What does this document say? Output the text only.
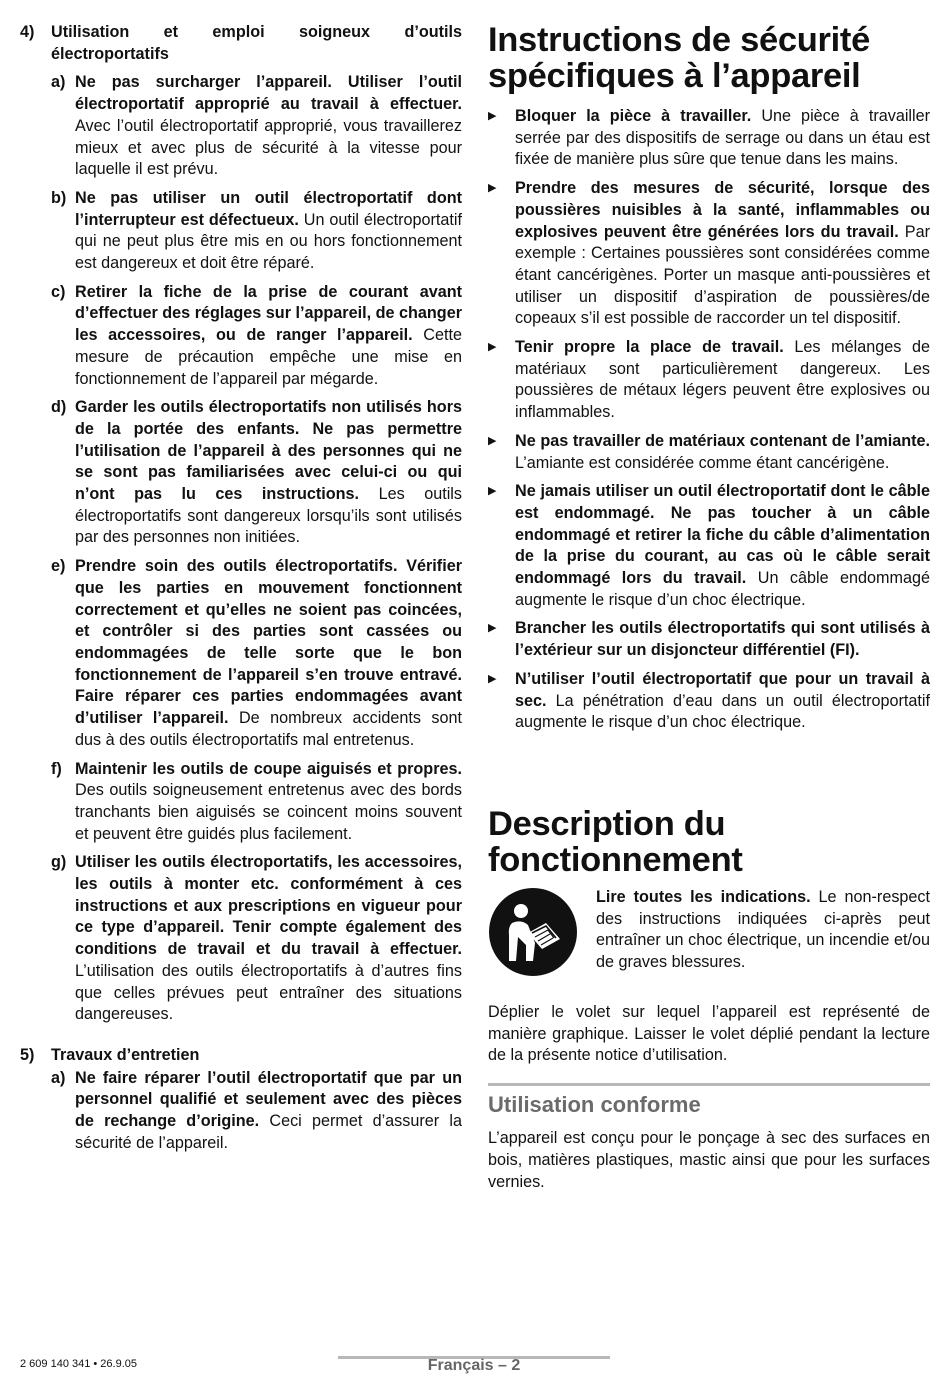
4)	Utilisation et emploi soigneux d’outils électroportatifs
a) Ne pas surcharger l’appareil. Utiliser l’outil électroportatif approprié au travail à effectuer. Avec l’outil électroportatif approprié, vous travaillerez mieux et avec plus de sécurité à la vitesse pour laquelle il est prévu.

b) Ne pas utiliser un outil électroportatif dont l’interrupteur est défectueux. Un outil électroportatif qui ne peut plus être mis en ou hors fonctionnement est dangereux et doit être réparé.

c) Retirer la fiche de la prise de courant avant d’effectuer des réglages sur l’appareil, de changer les accessoires, ou de ranger l’appareil. Cette mesure de précaution empêche une mise en fonctionnement de l’appareil par mégarde.

d) Garder les outils électroportatifs non utilisés hors de la portée des enfants. Ne pas permettre l’utilisation de l’appareil à des personnes qui ne se sont pas familiarisées avec celui-ci ou qui n’ont pas lu ces instructions. Les outils électroportatifs sont dangereux lorsqu’ils sont utilisés par des personnes non initiées.

e) Prendre soin des outils électroportatifs. Vérifier que les parties en mouvement fonctionnent correctement et qu’elles ne soient pas coincées, et contrôler si des parties sont cassées ou endommagées de telle sorte que le bon fonctionnement de l’appareil s’en trouve entravé. Faire réparer ces parties endommagées avant d’utiliser l’appareil. De nombreux accidents sont dus à des outils électroportatifs mal entretenus.

f) Maintenir les outils de coupe aiguisés et propres. Des outils soigneusement entretenus avec des bords tranchants bien aiguisés se coincent moins souvent et peuvent être guidés plus facilement.

g) Utiliser les outils électroportatifs, les accessoires, les outils à monter etc. conformément à ces instructions et aux prescriptions en vigueur pour ce type d’appareil. Tenir compte également des conditions de travail et du travail à effectuer. L’utilisation des outils électroportatifs à d’autres fins que celles prévues peut entraîner des situations dangereuses.

5)	Travaux d’entretien
a) Ne faire réparer l’outil électroportatif que par un personnel qualifié et seulement avec des pièces de rechange d’origine. Ceci permet d’assurer la sécurité de l’appareil.

Instructions de sécurité spécifiques à l’appareil
▶	Bloquer la pièce à travailler. Une pièce à travailler serrée par des dispositifs de serrage ou dans un étau est fixée de manière plus sûre que tenue dans les mains.

▶	Prendre des mesures de sécurité, lorsque des poussières nuisibles à la santé, inflammables ou explosives peuvent être générées lors du travail. Par exemple : Certaines poussières sont considérées comme étant cancérigènes. Porter un masque anti-poussières et utiliser un dispositif d’aspiration de poussières/de copeaux s’il est possible de raccorder un tel dispositif.

▶	Tenir propre la place de travail. Les mélanges de matériaux sont particulièrement dangereux. Les poussières de métaux légers peuvent être explosives ou inflammables.

▶	Ne pas travailler de matériaux contenant de l’amiante. L’amiante est considérée comme étant cancérigène.

▶	Ne jamais utiliser un outil électroportatif dont le câble est endommagé. Ne pas toucher à un câble endommagé et retirer la fiche du câble d’alimentation de la prise du courant, au cas où le câble serait endommagé lors du travail. Un câble endommagé augmente le risque d’un choc électrique.

▶	Brancher les outils électroportatifs qui sont utilisés à l’extérieur sur un disjoncteur différentiel (FI).

▶	N’utiliser l’outil électroportatif que pour un travail à sec. La pénétration d’eau dans un outil électroportatif augmente le risque d’un choc électrique.

Description du fonctionnement

Lire toutes les indications. Le non-respect des instructions indiquées ci-après peut entraîner un choc électrique, un incendie et/ou de graves blessures.

Déplier le volet sur lequel l’appareil est représenté de manière graphique. Laisser le volet déplié pendant la lecture de la présente notice d’utilisation.

Utilisation conforme

L’appareil est conçu pour le ponçage à sec des surfaces en bois, matières plastiques, mastic ainsi que pour les surfaces vernies.

2 609 140 341 • 26.9.05	Français – 2
